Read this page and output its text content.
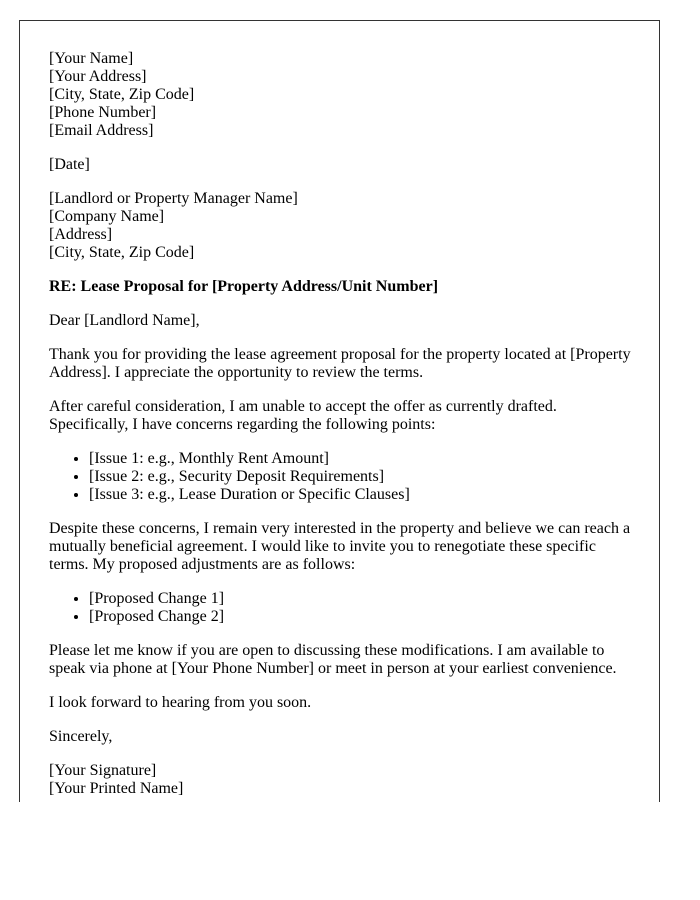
[Your Name]
[Your Address]
[City, State, Zip Code]
[Phone Number]
[Email Address]

[Date]

[Landlord or Property Manager Name]
[Company Name]
[Address]
[City, State, Zip Code]

RE: Lease Proposal for [Property Address/Unit Number]

Dear [Landlord Name],

Thank you for providing the lease agreement proposal for the property located at [Property Address]. I appreciate the opportunity to review the terms.

After careful consideration, I am unable to accept the offer as currently drafted. Specifically, I have concerns regarding the following points:

• [Issue 1: e.g., Monthly Rent Amount]
• [Issue 2: e.g., Security Deposit Requirements]
• [Issue 3: e.g., Lease Duration or Specific Clauses]

Despite these concerns, I remain very interested in the property and believe we can reach a mutually beneficial agreement. I would like to invite you to renegotiate these specific terms. My proposed adjustments are as follows:

• [Proposed Change 1]
• [Proposed Change 2]

Please let me know if you are open to discussing these modifications. I am available to speak via phone at [Your Phone Number] or meet in person at your earliest convenience.

I look forward to hearing from you soon.

Sincerely,

[Your Signature]
[Your Printed Name]
